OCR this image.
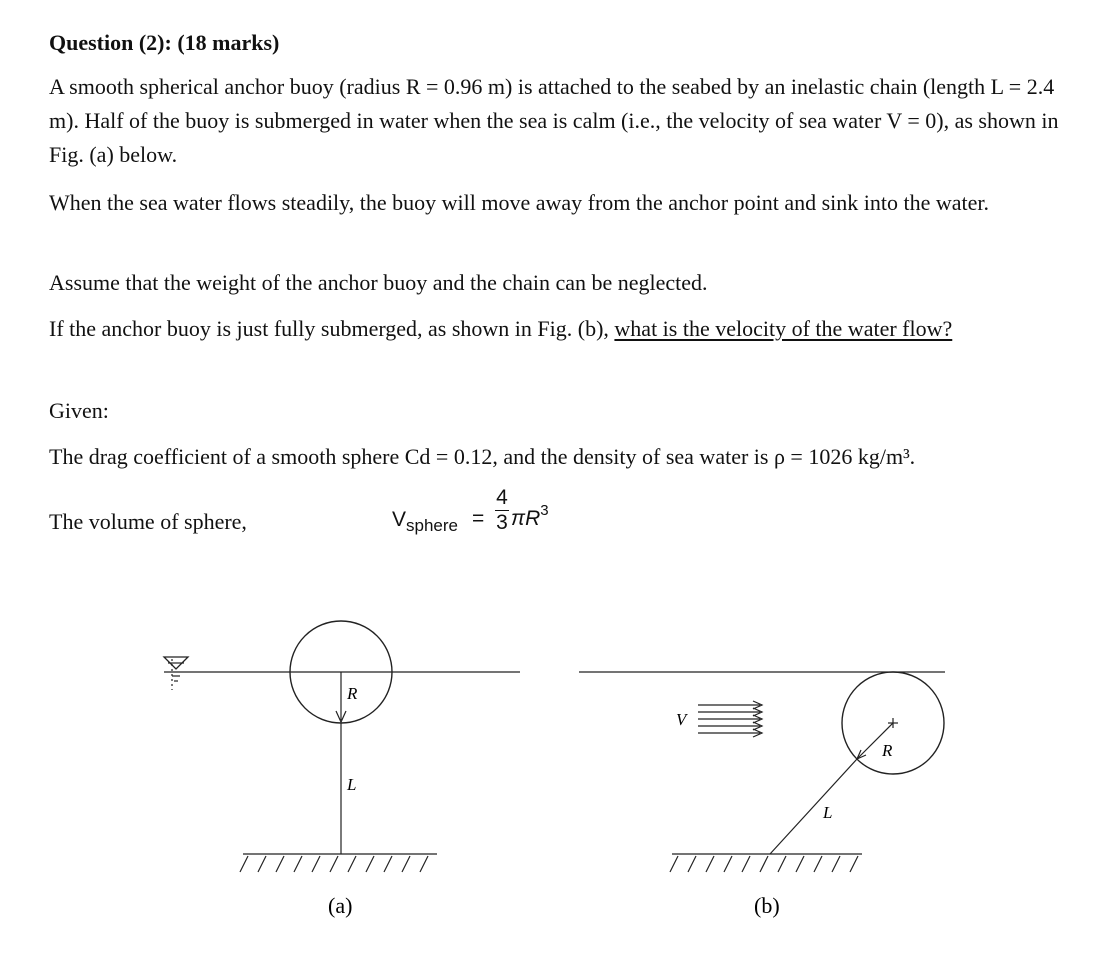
Question (2): (18 marks)
A smooth spherical anchor buoy (radius R = 0.96 m) is attached to the seabed by an inelastic chain (length L = 2.4 m). Half of the buoy is submerged in water when the sea is calm (i.e., the velocity of sea water V = 0), as shown in Fig. (a) below.
When the sea water flows steadily, the buoy will move away from the anchor point and sink into the water.
Assume that the weight of the anchor buoy and the chain can be neglected.
If the anchor buoy is just fully submerged, as shown in Fig. (b), what is the velocity of the water flow?
Given:
The drag coefficient of a smooth sphere Cd = 0.12, and the density of sea water is ρ = 1026 kg/m³.
The volume of sphere,	$V_{sphere}$ =
4
3 $\pi R^3$
R
L
(a)
V
R
L
(b)
